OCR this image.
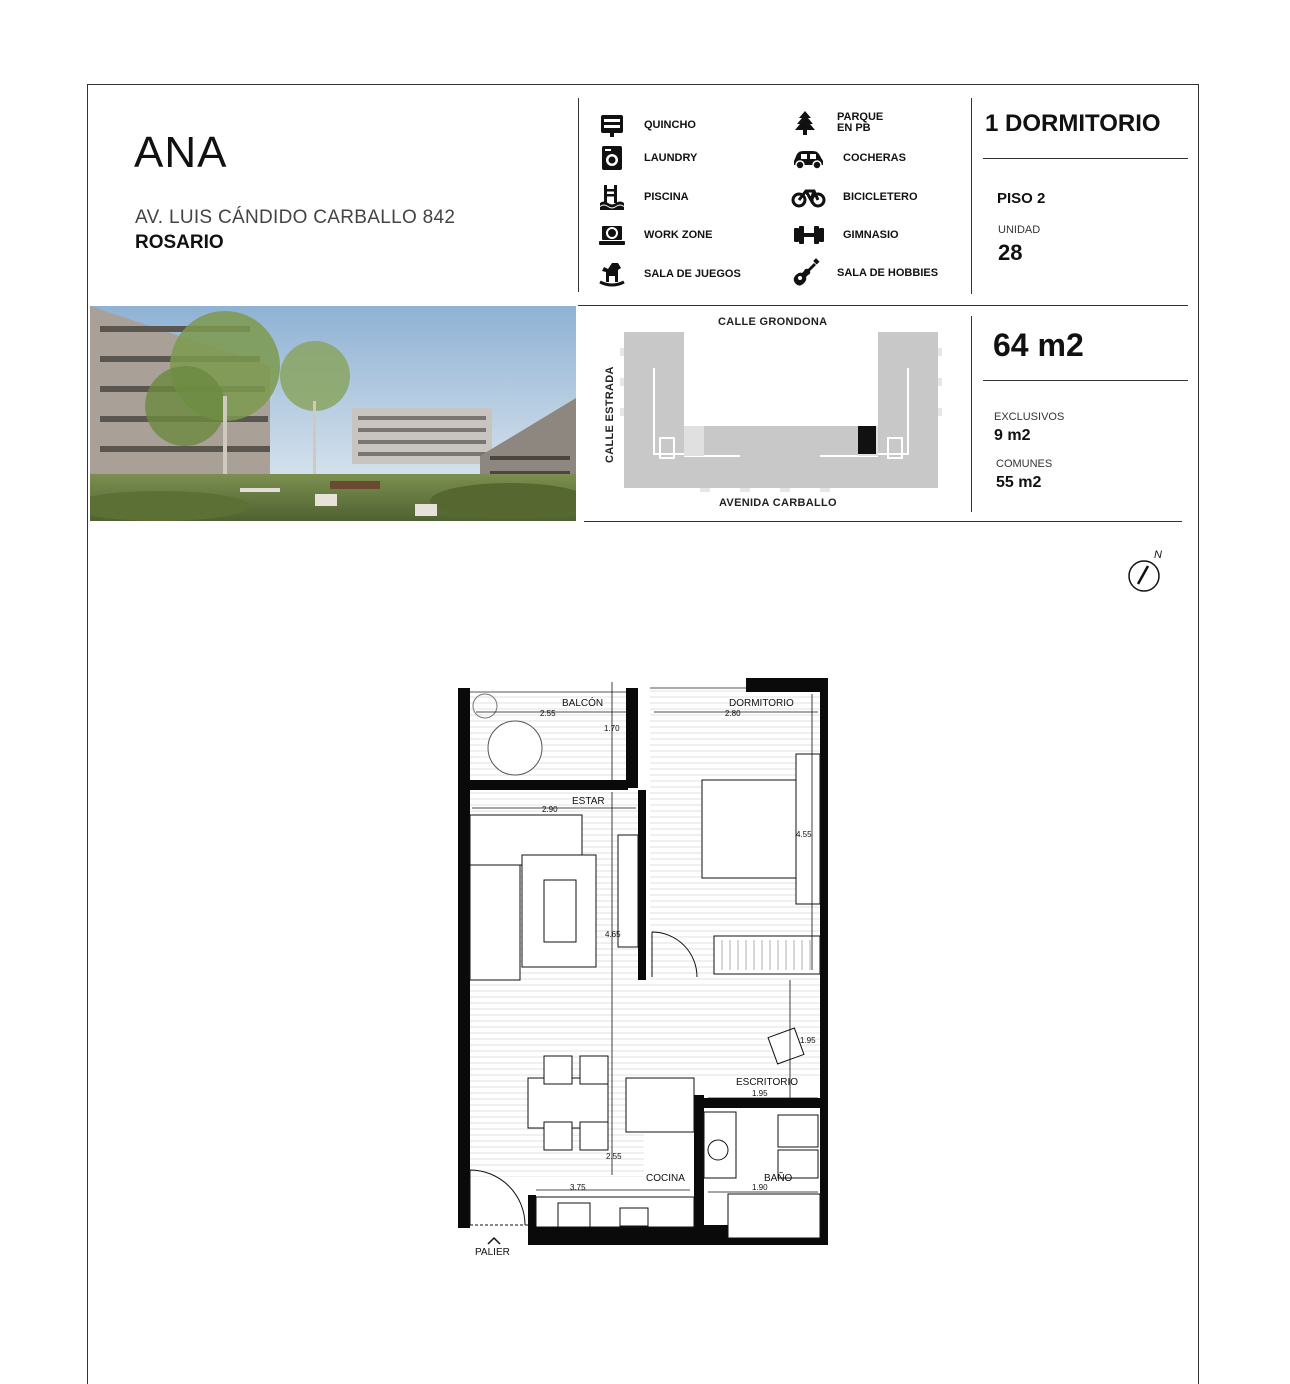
ANA
AV. LUIS CÁNDIDO CARBALLO 842
ROSARIO
QUINCHO
LAUNDRY
PISCINA
WORK ZONE
SALA DE JUEGOS
PARQUE EN PB
COCHERAS
BICICLETERO
GIMNASIO
SALA DE HOBBIES
1 DORMITORIO
PISO 2
UNIDAD
28
64 m2
EXCLUSIVOS
9 m2
COMUNES
55 m2
CALLE GRONDONA
CALLE ESTRADA
AVENIDA CARBALLO
N
BALCÓN
2.55
1.70
DORMITORIO
2.80
4.55
ESTAR
2.90
4.65
1.95
ESCRITORIO
1.95
2.55
COCINA
3.75
BAÑO
1.90
PALIER
